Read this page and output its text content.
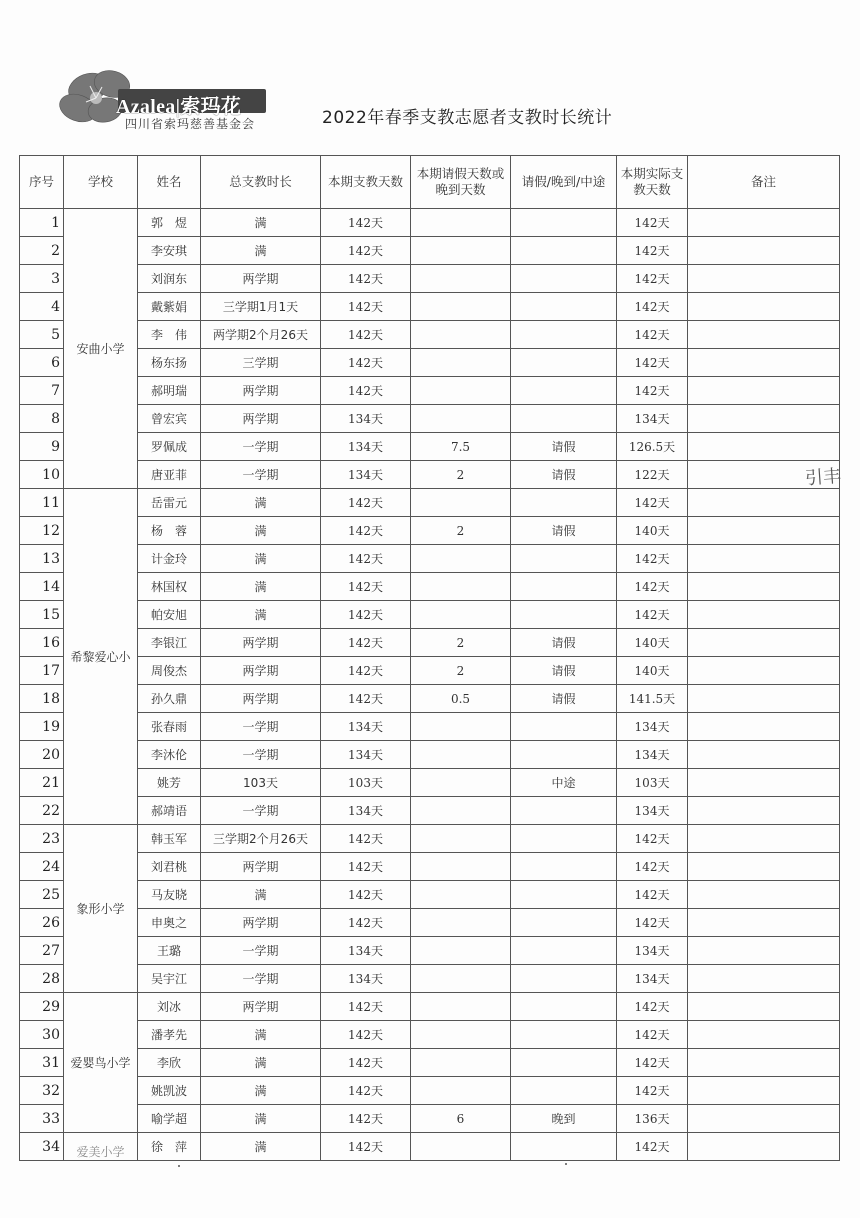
Azalea|索玛花
四川省索玛慈善基金会	2022年春季支教志愿者支教时长统计
序号	学校	姓名	总支教时长	本期支教天数	本期请假天数或晚到天数	请假/晚到/中途	本期实际支教天数	备注
1	安曲小学	郭　煜	满	142天			142天	
2		李安琪	满	142天			142天	
3		刘润东	两学期	142天			142天	
4		戴紫娟	三学期1月1天	142天			142天	
5		李　伟	两学期2个月26天	142天			142天	
6		杨东扬	三学期	142天			142天	
7		郝明瑞	两学期	142天			142天	
8		曾宏宾	两学期	134天			134天	
9		罗佩成	一学期	134天	7.5	请假	126.5天	
10		唐亚菲	一学期	134天	2	请假	122天	
11	希黎爱心小	岳雷元	满	142天			142天	
12		杨　蓉	满	142天	2	请假	140天	
13		计金玲	满	142天			142天	
14		林国权	满	142天			142天	
15		帕安旭	满	142天			142天	
16		李银江	两学期	142天	2	请假	140天	
17		周俊杰	两学期	142天	2	请假	140天	
18		孙久鼎	两学期	142天	0.5	请假	141.5天	
19		张春雨	一学期	134天			134天	
20		李沐伦	一学期	134天			134天	
21		姚芳	103天	103天		中途	103天	
22		郝靖语	一学期	134天			134天	
23	象形小学	韩玉军	三学期2个月26天	142天			142天	
24		刘君桃	两学期	142天			142天	
25		马友晓	满	142天			142天	
26		申奥之	两学期	142天			142天	
27		王璐	一学期	134天			134天	
28		吴宇江	一学期	134天			134天	
29	爱婴鸟小学	刘冰	两学期	142天			142天	
30		潘孝先	满	142天			142天	
31		李欣	满	142天			142天	
32		姚凯波	满	142天			142天	
33		喻学超	满	142天	6	晚到	136天	
34	爱美小学	徐　萍	满	142天			142天	
引丰
